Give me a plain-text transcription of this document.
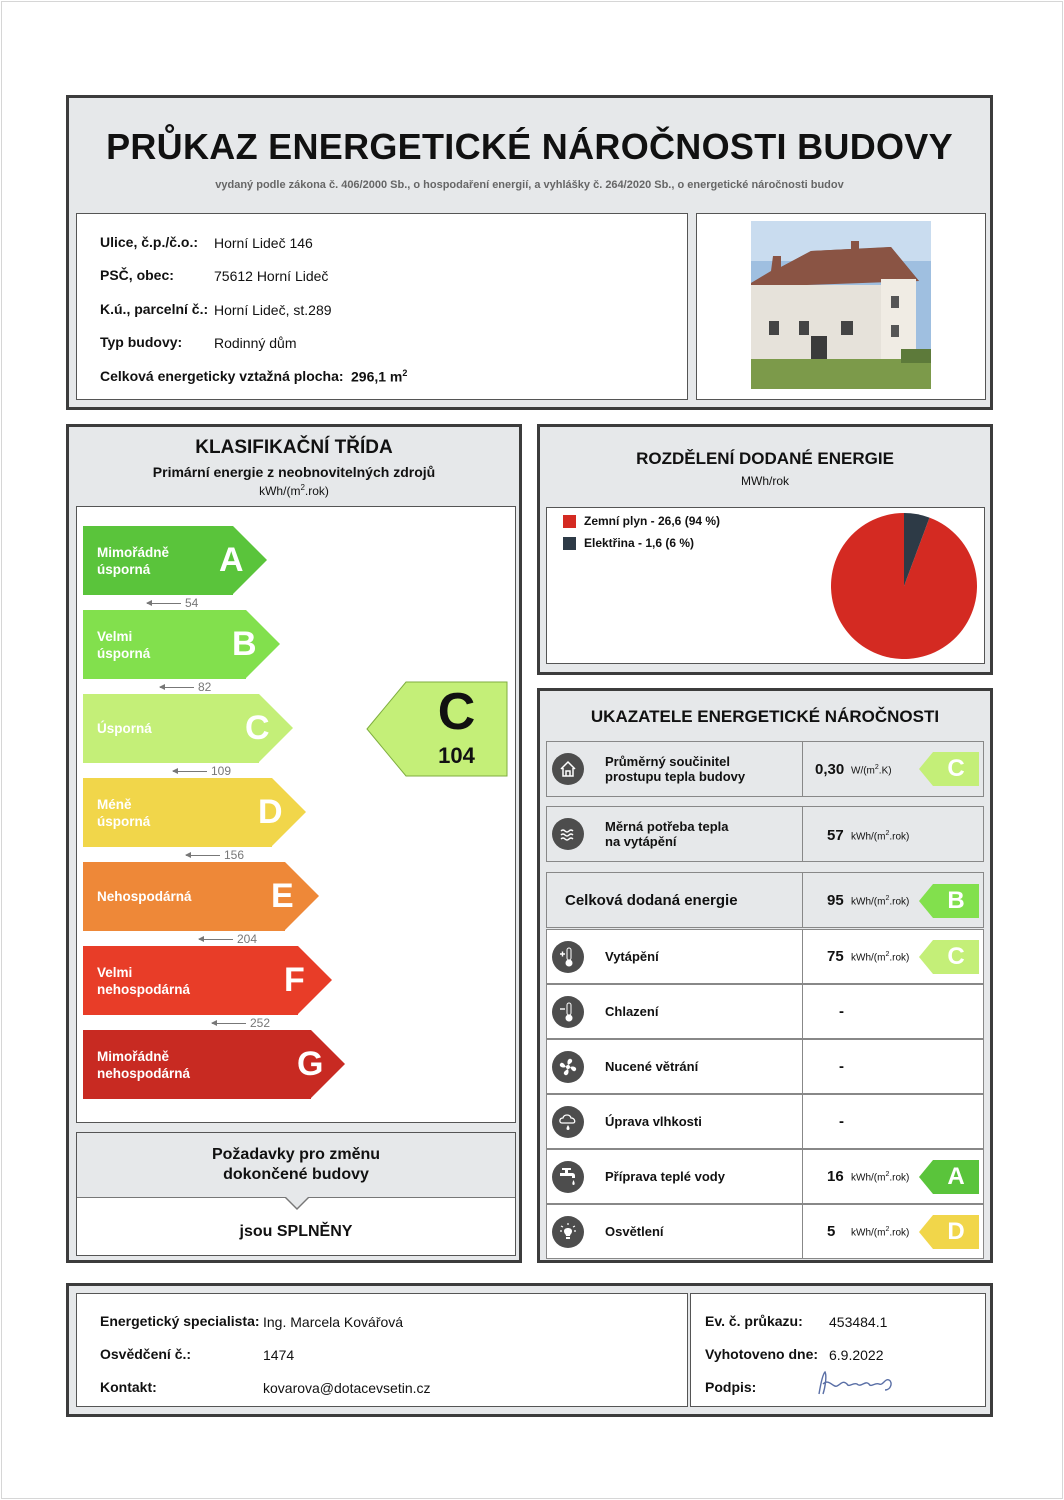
PRŮKAZ ENERGETICKÉ NÁROČNOSTI BUDOVY
vydaný podle zákona č. 406/2000 Sb., o hospodaření energií, a vyhlášky č. 264/2020 Sb., o energetické náročnosti budov
Ulice, č.p./č.o.: Horní Lideč 146
PSČ, obec:	75612 Horní Lideč
K.ú., parcelní č.: Horní Lideč, st.289
Typ budovy: Rodinný dům
Celková energeticky vztažná plocha: 296,1 $m^2$
KLASIFIKAČNÍ TŘÍDA
Primární energie z neobnovitelných zdrojů
kWh/$(m^2.rok)$
Požadavky pro změnu
dokončené budovy
jsou SPLNĚNY
Mimořádně
úsporná	A
54
Velmi
úsporná B
82
Úsporná	C
109
Méně úsporná	D
156
Nehospodárná E
204
Velmi
nehospodárná	F
252
Mimořádně
nehospodárná	G
C
104
ROZDĚLENÍ DODANÉ ENERGIE
MWh/rok
Zemní plyn - 26,6 (94 %)
Elektřina - 1,6 (6 %)
UKAZATELE ENERGETICKÉ NÁROČNOSTI
Průměrný součinitel
prostupu tepla budovy	0,30 $W/(m^2.K)$	C
Měrná potřeba tepla
na vytápění	57 kWh/$(m^2.rok)$
Celková dodaná energie	95 kWh/$(m^2.rok)$	B
Vytápění	75 kWh/$(m^2.rok)$	C
Chlazení	-
Nucené větrání	-
Úprava vlhkosti	-
Příprava teplé vody	16 kWh/$(m^2.rok)$	A
Osvětlení	5 kWh/$(m^2.rok)$	D
Energetický specialista: Ing. Marcela Kovářová
Osvědčení č.:	1474
Kontakt:	kovarova@dotacevsetin.cz
Ev. č. průkazu: 453484.1
Vyhotoveno dne: 6.9.2022
Podpis:
